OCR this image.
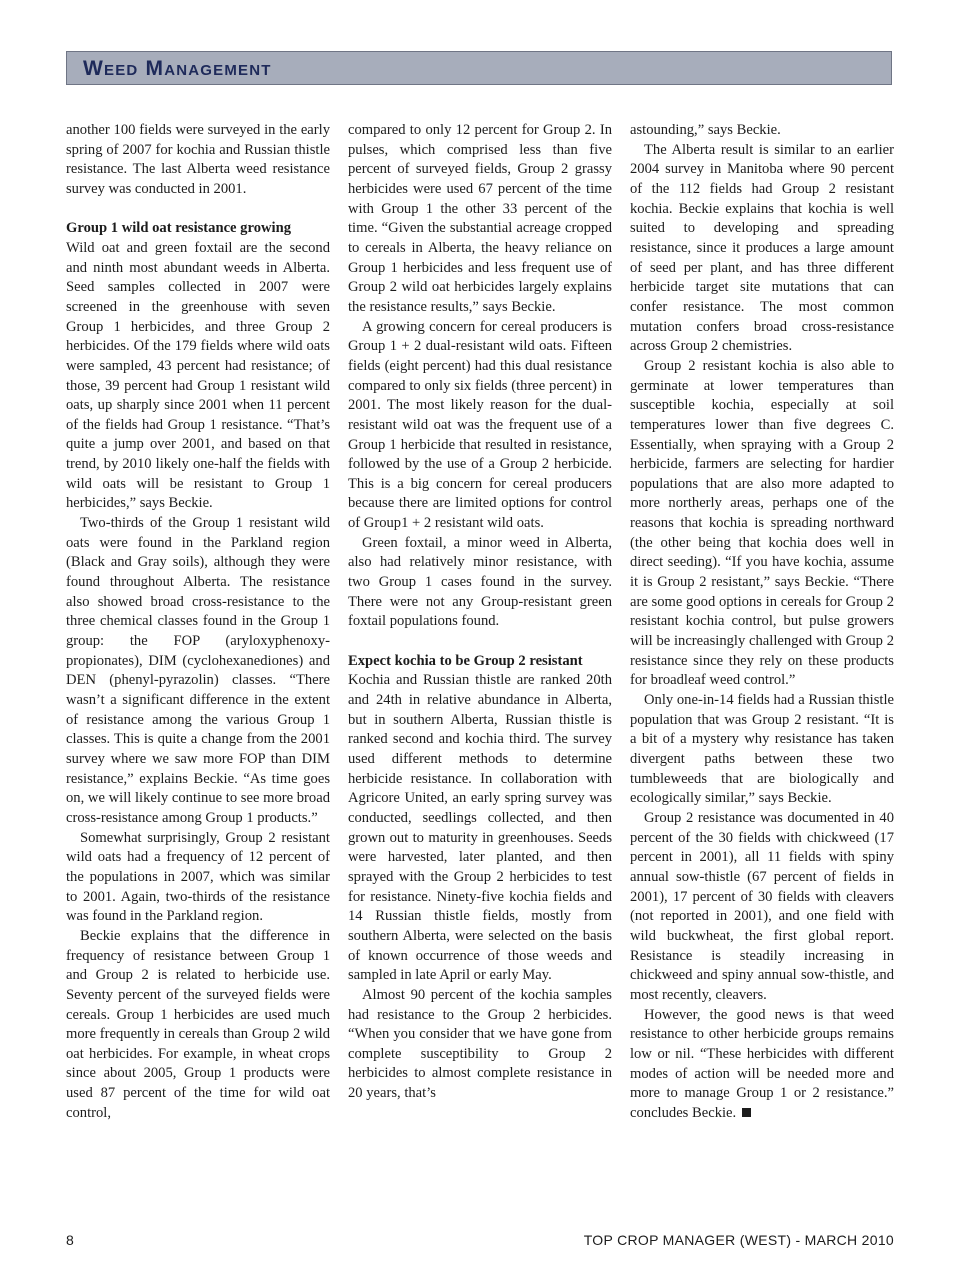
Weed Management

another 100 fields were surveyed in the early spring of 2007 for kochia and Russian thistle resistance. The last Alberta weed resistance survey was conducted in 2001.

Group 1 wild oat resistance growing
Wild oat and green foxtail are the second and ninth most abundant weeds in Alberta. Seed samples collected in 2007 were screened in the greenhouse with seven Group 1 herbicides, and three Group 2 herbicides. Of the 179 fields where wild oats were sampled, 43 percent had resistance; of those, 39 percent had Group 1 resistant wild oats, up sharply since 2001 when 11 percent of the fields had Group 1 resistance. “That’s quite a jump over 2001, and based on that trend, by 2010 likely one-half the fields with wild oats will be resistant to Group 1 herbicides,” says Beckie.

Two-thirds of the Group 1 resistant wild oats were found in the Parkland region (Black and Gray soils), although they were found throughout Alberta. The resistance also showed broad cross-resistance to the three chemical classes found in the Group 1 group: the FOP (aryloxyphenoxy-propionates), DIM (cyclohexanediones) and DEN (phenyl-pyrazolin) classes. “There wasn’t a significant difference in the extent of resistance among the various Group 1 classes. This is quite a change from the 2001 survey where we saw more FOP than DIM resistance,” explains Beckie. “As time goes on, we will likely continue to see more broad cross-resistance among Group 1 products.”

Somewhat surprisingly, Group 2 resistant wild oats had a frequency of 12 percent of the populations in 2007, which was similar to 2001. Again, two-thirds of the resistance was found in the Parkland region.

Beckie explains that the difference in frequency of resistance between Group 1 and Group 2 is related to herbicide use. Seventy percent of the surveyed fields were cereals. Group 1 herbicides are used much more frequently in cereals than Group 2 wild oat herbicides. For example, in wheat crops since about 2005, Group 1 products were used 87 percent of the time for wild oat control,

compared to only 12 percent for Group 2. In pulses, which comprised less than five percent of surveyed fields, Group 2 grassy herbicides were used 67 percent of the time with Group 1 the other 33 percent of the time. “Given the substantial acreage cropped to cereals in Alberta, the heavy reliance on Group 1 herbicides and less frequent use of Group 2 wild oat herbicides largely explains the resistance results,” says Beckie.

A growing concern for cereal producers is Group 1 + 2 dual-resistant wild oats. Fifteen fields (eight percent) had this dual resistance compared to only six fields (three percent) in 2001. The most likely reason for the dual-resistant wild oat was the frequent use of a Group 1 herbicide that resulted in resistance, followed by the use of a Group 2 herbicide. This is a big concern for cereal producers because there are limited options for control of Group1 + 2 resistant wild oats.

Green foxtail, a minor weed in Alberta, also had relatively minor resistance, with two Group 1 cases found in the survey. There were not any Group-resistant green foxtail populations found.

Expect kochia to be Group 2 resistant
Kochia and Russian thistle are ranked 20th and 24th in relative abundance in Alberta, but in southern Alberta, Russian thistle is ranked second and kochia third. The survey used different methods to determine herbicide resistance. In collaboration with Agricore United, an early spring survey was conducted, seedlings collected, and then grown out to maturity in greenhouses. Seeds were harvested, later planted, and then sprayed with the Group 2 herbicides to test for resistance. Ninety-five kochia fields and 14 Russian thistle fields, mostly from southern Alberta, were selected on the basis of known occurrence of those weeds and sampled in late April or early May.

Almost 90 percent of the kochia samples had resistance to the Group 2 herbicides. “When you consider that we have gone from complete susceptibility to Group 2 herbicides to almost complete resistance in 20 years, that’s

astounding,” says Beckie.

The Alberta result is similar to an earlier 2004 survey in Manitoba where 90 percent of the 112 fields had Group 2 resistant kochia. Beckie explains that kochia is well suited to developing and spreading resistance, since it produces a large amount of seed per plant, and has three different herbicide target site mutations that can confer resistance. The most common mutation confers broad cross-resistance across Group 2 chemistries.

Group 2 resistant kochia is also able to germinate at lower temperatures than susceptible kochia, especially at soil temperatures lower than five degrees C. Essentially, when spraying with a Group 2 herbicide, farmers are selecting for hardier populations that are also more adapted to more northerly areas, perhaps one of the reasons that kochia is spreading northward (the other being that kochia does well in direct seeding). “If you have kochia, assume it is Group 2 resistant,” says Beckie. “There are some good options in cereals for Group 2 resistant kochia control, but pulse growers will be increasingly challenged with Group 2 resistance since they rely on these products for broadleaf weed control.”

Only one-in-14 fields had a Russian thistle population that was Group 2 resistant. “It is a bit of a mystery why resistance has taken divergent paths between these two tumbleweeds that are biologically and ecologically similar,” says Beckie.

Group 2 resistance was documented in 40 percent of the 30 fields with chickweed (17 percent in 2001), all 11 fields with spiny annual sow-thistle (67 percent of fields in 2001), 17 percent of 30 fields with cleavers (not reported in 2001), and one field with wild buckwheat, the first global report. Resistance is steadily increasing in chickweed and spiny annual sow-thistle, and most recently, cleavers.

However, the good news is that weed resistance to other herbicide groups remains low or nil. “These herbicides with different modes of action will be needed more and more to manage Group 1 or 2 resistance.” concludes Beckie.

8	TOP CROP MANAGER (WEST) - MARCH 2010
